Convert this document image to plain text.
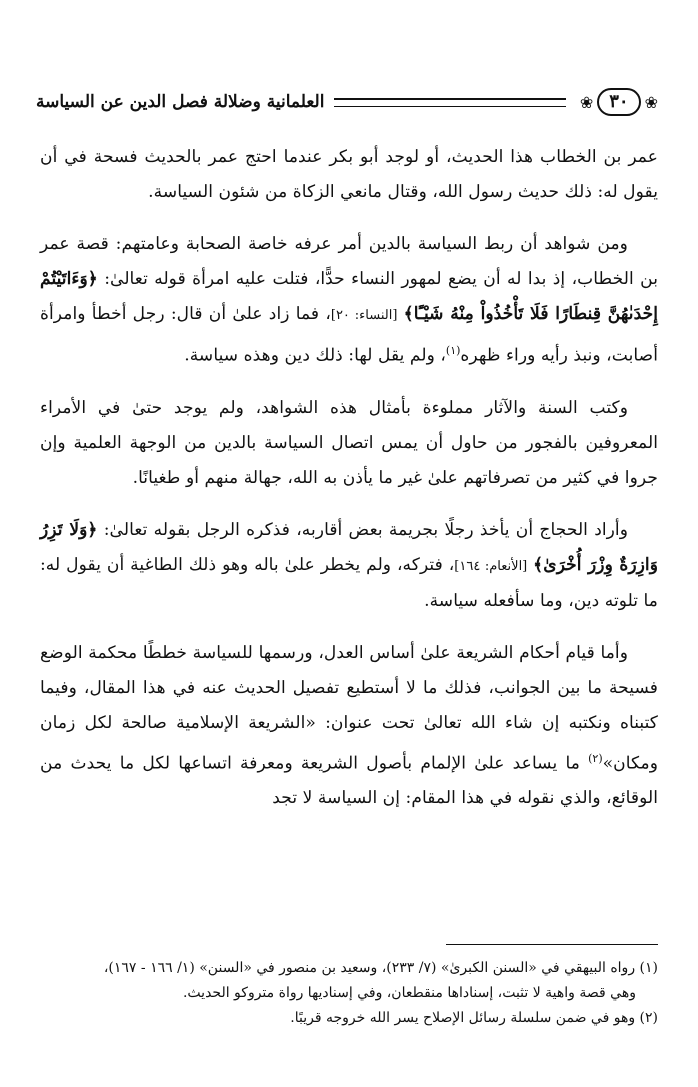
❀ ٣٠	❀
العلمانية وضلالة فصل الدين عن السياسة

عمر بن الخطاب هذا الحديث، أو لوجد أبو بكر عندما احتج عمر بالحديث فسحة في أن يقول له: ذلك حديث رسول الله، وقتال مانعي الزكاة من شئون السياسة.

ومن شواهد أن ربط السياسة بالدين أمر عرفه خاصة الصحابة وعامتهم: قصة عمر بن الخطاب، إذ بدا له أن يضع لمهور النساء حدًّا، فتلت عليه امرأة قوله تعالىٰ: ﴿وَءَاتَيْتُمْ إِحْدَىٰهُنَّ قِنطَارًا فَلَا تَأْخُذُواْ مِنْهُ شَيْـًٔا﴾ [النساء: ٢٠]، فما زاد علىٰ أن قال: رجل أخطأ وامرأة أصابت، ونبذ رأيه وراء ظهره$^{(١)}$، ولم يقل لها: ذلك دين وهذه سياسة.

وكتب السنة والآثار مملوءة بأمثال هذه الشواهد، ولم يوجد حتىٰ في الأمراء المعروفين بالفجور من حاول أن يمس اتصال السياسة بالدين من الوجهة العلمية وإن جروا في كثير من تصرفاتهم علىٰ غير ما يأذن به الله، جهالة منهم أو طغيانًا.

وأراد الحجاج أن يأخذ رجلًا بجريمة بعض أقاربه، فذكره الرجل بقوله تعالىٰ: ﴿وَلَا تَزِرُ وَازِرَةٌ وِزْرَ أُخْرَىٰ﴾ [الأنعام: ١٦٤]، فتركه، ولم يخطر علىٰ باله وهو ذلك الطاغية أن يقول له: ما تلوته دين، وما سأفعله سياسة.

وأما قيام أحكام الشريعة علىٰ أساس العدل، ورسمها للسياسة خططًا محكمة الوضع فسيحة ما بين الجوانب، فذلك ما لا أستطيع تفصيل الحديث عنه في هذا المقال، وفيما كتبناه ونكتبه إن شاء الله تعالىٰ تحت عنوان: «الشريعة الإسلامية صالحة لكل زمان ومكان»$^{(٢)}$ ما يساعد علىٰ الإلمام بأصول الشريعة ومعرفة اتساعها لكل ما يحدث من الوقائع، والذي نقوله في هذا المقام: إن السياسة لا تجد

(١) رواه البيهقي في «السنن الكبرىٰ» (٧/ ٢٣٣)، وسعيد بن منصور في «السنن» (١/ ١٦٦ - ١٦٧)،
وهي قصة واهية لا تثبت، إسناداها منقطعان، وفي إسناديها رواة متروكو الحديث.
(٢) وهو في ضمن سلسلة رسائل الإصلاح يسر الله خروجه قريبًا.
